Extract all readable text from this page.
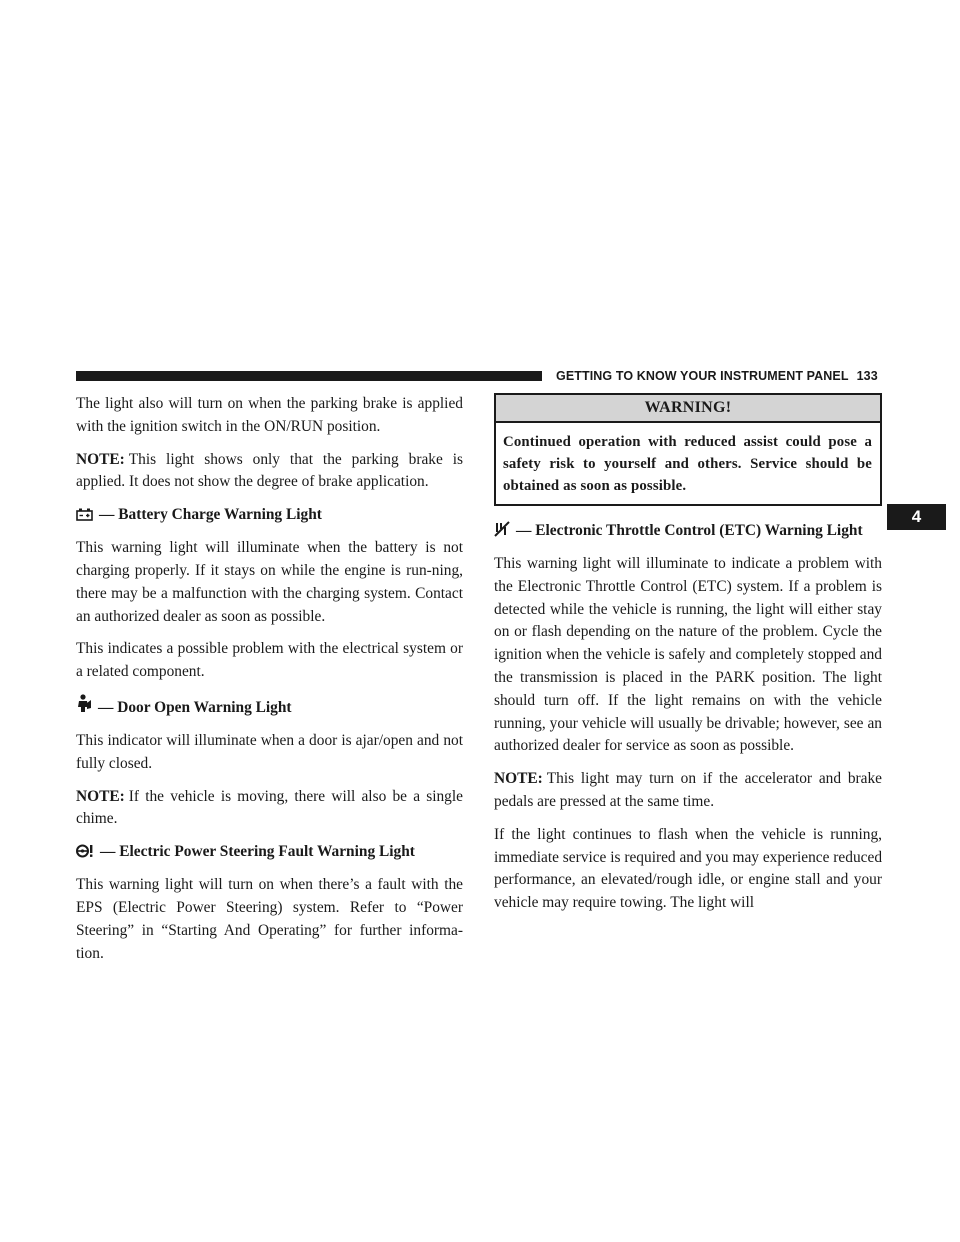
GETTING TO KNOW YOUR INSTRUMENT PANEL 133
4

The light also will turn on when the parking brake is applied with the ignition switch in the ON/RUN position.

NOTE: This light shows only that the parking brake is applied. It does not show the degree of brake application.

— Battery Charge Warning Light

This warning light will illuminate when the battery is not charging properly. If it stays on while the engine is run-ning, there may be a malfunction with the charging system. Contact an authorized dealer as soon as possible.

This indicates a possible problem with the electrical system or a related component.

— Door Open Warning Light

This indicator will illuminate when a door is ajar/open and not fully closed.

NOTE: If the vehicle is moving, there will also be a single chime.

— Electric Power Steering Fault Warning Light

This warning light will turn on when there’s a fault with the EPS (Electric Power Steering) system. Refer to “Power Steering” in “Starting And Operating” for further informa-tion.

WARNING!
Continued operation with reduced assist could pose a safety risk to yourself and others. Service should be obtained as soon as possible.
— Electronic Throttle Control (ETC) Warning Light

This warning light will illuminate to indicate a problem with the Electronic Throttle Control (ETC) system. If a problem is detected while the vehicle is running, the light will either stay on or flash depending on the nature of the problem. Cycle the ignition when the vehicle is safely and completely stopped and the transmission is placed in the PARK position. The light should turn off. If the light remains on with the vehicle running, your vehicle will usually be drivable; however, see an authorized dealer for service as soon as possible.

NOTE: This light may turn on if the accelerator and brake pedals are pressed at the same time.

If the light continues to flash when the vehicle is running, immediate service is required and you may experience reduced performance, an elevated/rough idle, or engine stall and your vehicle may require towing. The light will
